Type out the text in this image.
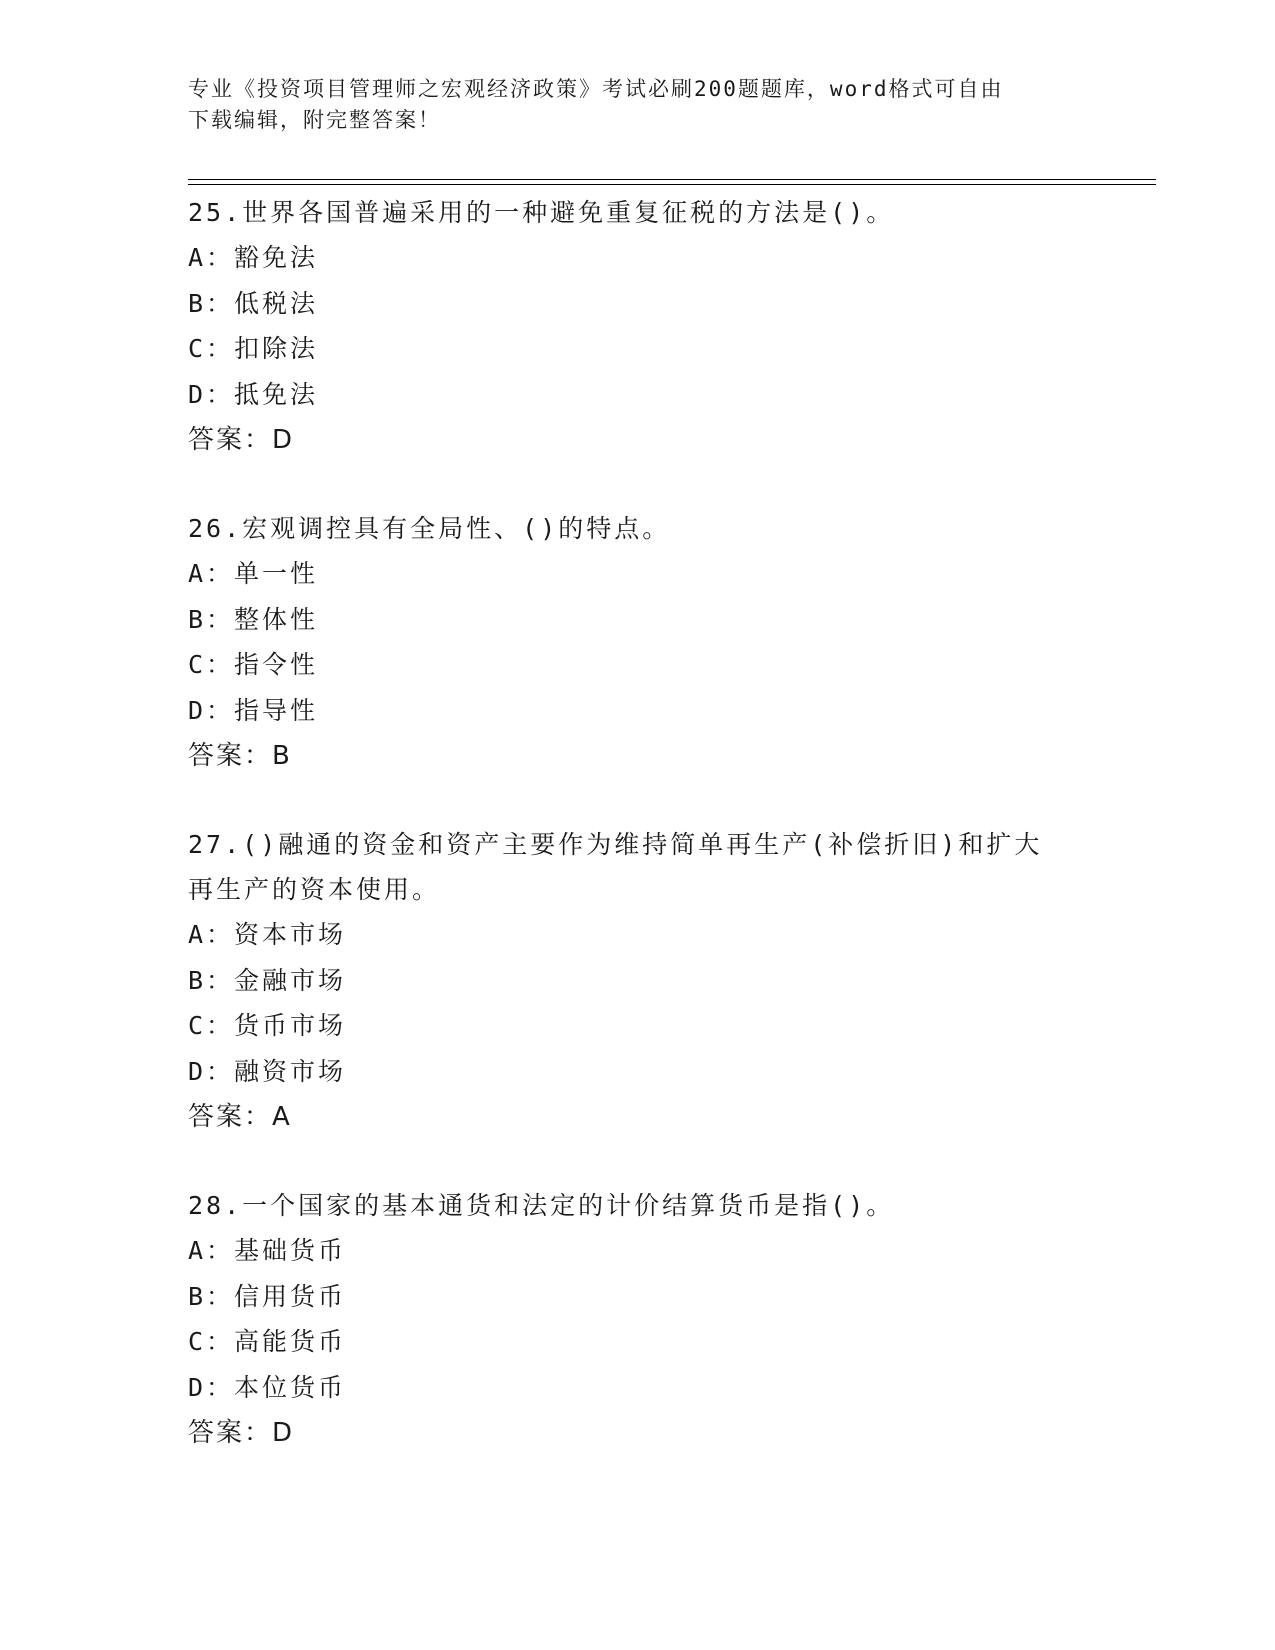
专业《投资项目管理师之宏观经济政策》考试必刷200题题库，word格式可自由
下载编辑，附完整答案！
25.世界各国普遍采用的一种避免重复征税的方法是()。
A：豁免法
B：低税法
C：扣除法
D：抵免法
答案：D
26.宏观调控具有全局性、()的特点。
A：单一性
B：整体性
C：指令性
D：指导性
答案：B
27.()融通的资金和资产主要作为维持简单再生产(补偿折旧)和扩大再生产的资本使用。
A：资本市场
B：金融市场
C：货币市场
D：融资市场
答案：A
28.一个国家的基本通货和法定的计价结算货币是指()。
A：基础货币
B：信用货币
C：高能货币
D：本位货币
答案：D
